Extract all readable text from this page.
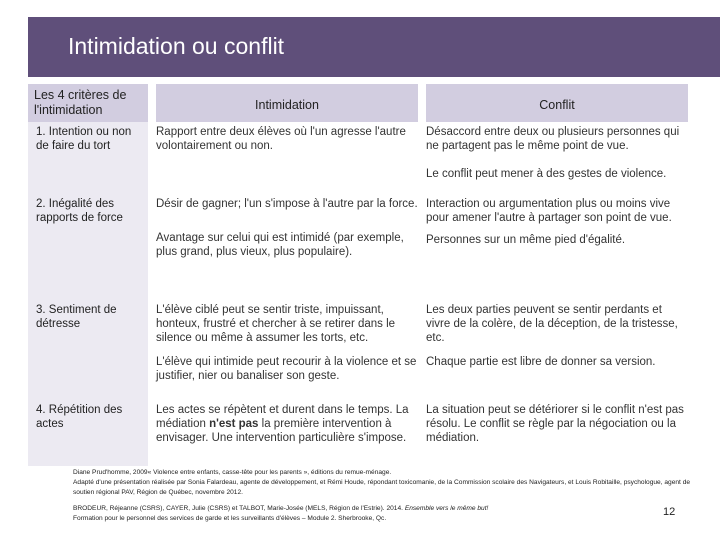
Intimidation ou conflit
Les 4 critères de l'intimidation	Intimidation	Conflit
1. Intention ou non de faire du tort

Rapport entre deux élèves où l'un agresse l'autre volontairement ou non.

Désaccord entre deux ou plusieurs personnes qui ne partagent pas le même point de vue.

Le conflit peut mener à des gestes de violence.

2. Inégalité des rapports de force

Désir de gagner; l'un s'impose à l'autre par la force.

Avantage sur celui qui est intimidé (par exemple, plus grand, plus vieux, plus populaire).

Interaction ou argumentation plus ou moins vive pour amener l'autre à partager son point de vue.

Personnes sur un même pied d'égalité.

3. Sentiment de détresse

L'élève ciblé peut se sentir triste, impuissant, honteux, frustré et chercher à se retirer dans le silence ou même à assumer les torts, etc.

L'élève qui intimide peut recourir à la violence et se justifier, nier ou banaliser son geste.

Les deux parties peuvent se sentir perdants et vivre de la colère, de la déception, de la tristesse, etc.

Chaque partie est libre de donner sa version.

4. Répétition des actes

Les actes se répètent et durent dans le temps. La médiation n'est pas la première intervention à envisager. Une intervention particulière s'impose.

La situation peut se détériorer si le conflit n'est pas résolu. Le conflit se règle par la négociation ou la médiation.

Diane Prud'homme, 2009« Violence entre enfants, casse-tête pour les parents », éditions du remue-ménage.
Adapté d'une présentation réalisée par Sonia Falardeau, agente de développement, et Rémi Houde, répondant toxicomanie, de la Commission scolaire des Navigateurs, et Louis Robitaille, psychologue, agent de soutien régional PAV, Région de Québec, novembre 2012.
BRODEUR, Réjeanne (CSRS), CAYER, Julie (CSRS) et TALBOT, Marie-Josée (MELS, Région de l'Estrie). 2014. Ensemble vers le même but!
Formation pour le personnel des services de garde et les surveillants d'élèves – Module 2. Sherbrooke, Qc.
12
